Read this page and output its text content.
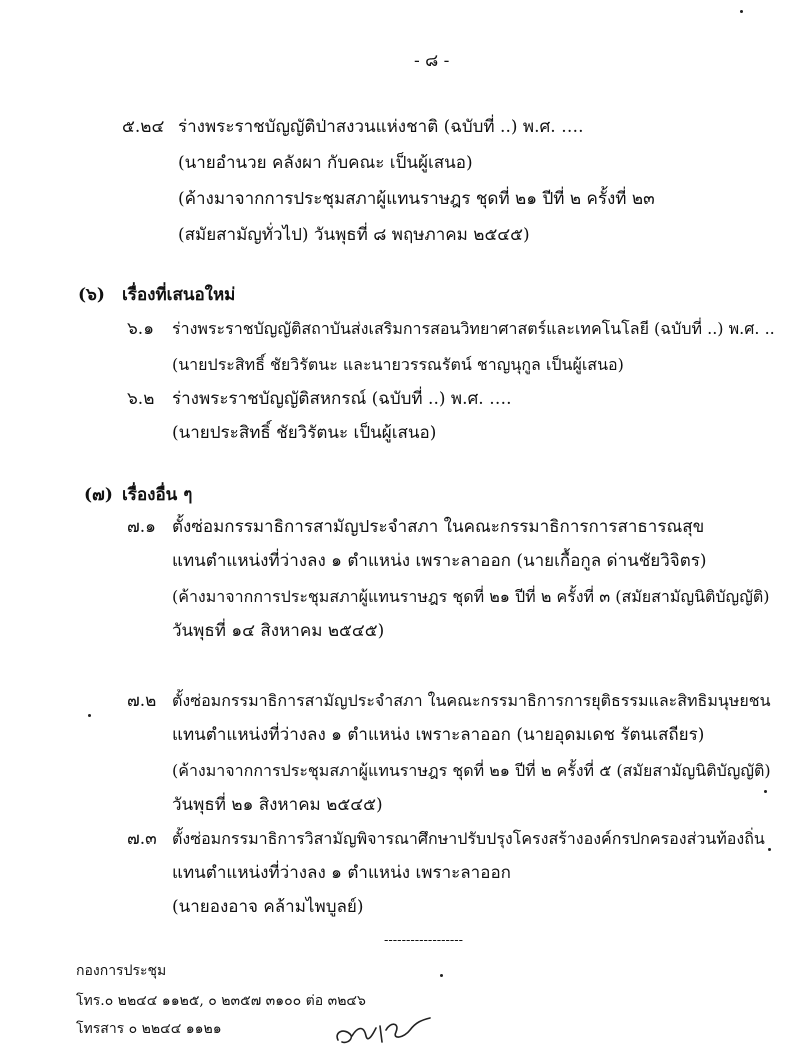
- ๘ -
๕.๒๔ ร่างพระราชบัญญัติป่าสงวนแห่งชาติ (ฉบับที่ ..) พ.ศ. ….
(นายอำนวย คลังผา กับคณะ เป็นผู้เสนอ)
(ค้างมาจากการประชุมสภาผู้แทนราษฎร ชุดที่ ๒๑ ปีที่ ๒ ครั้งที่ ๒๓
(สมัยสามัญทั่วไป) วันพุธที่ ๘ พฤษภาคม ๒๕๔๕)
(๖) เรื่องที่เสนอใหม่
๖.๑ ร่างพระราชบัญญัติสถาบันส่งเสริมการสอนวิทยาศาสตร์และเทคโนโลยี (ฉบับที่ ..) พ.ศ. ..
(นายประสิทธิ์ ชัยวิรัตนะ และนายวรรณรัตน์ ชาญนุกูล เป็นผู้เสนอ)
๖.๒ ร่างพระราชบัญญัติสหกรณ์ (ฉบับที่ ..) พ.ศ. ….
(นายประสิทธิ์ ชัยวิรัตนะ เป็นผู้เสนอ)
(๗) เรื่องอื่น ๆ
๗.๑ ตั้งซ่อมกรรมาธิการสามัญประจำสภา ในคณะกรรมาธิการการสาธารณสุข
แทนตำแหน่งที่ว่างลง ๑ ตำแหน่ง เพราะลาออก (นายเกื้อกูล ด่านชัยวิจิตร)
(ค้างมาจากการประชุมสภาผู้แทนราษฎร ชุดที่ ๒๑ ปีที่ ๒ ครั้งที่ ๓ (สมัยสามัญนิติบัญญัติ)
วันพุธที่ ๑๔ สิงหาคม ๒๕๔๕)
๗.๒ ตั้งซ่อมกรรมาธิการสามัญประจำสภา ในคณะกรรมาธิการการยุติธรรมและสิทธิมนุษยชน
แทนตำแหน่งที่ว่างลง ๑ ตำแหน่ง เพราะลาออก (นายอุดมเดช รัตนเสถียร)
(ค้างมาจากการประชุมสภาผู้แทนราษฎร ชุดที่ ๒๑ ปีที่ ๒ ครั้งที่ ๕ (สมัยสามัญนิติบัญญัติ)
วันพุธที่ ๒๑ สิงหาคม ๒๕๔๕)
๗.๓ ตั้งซ่อมกรรมาธิการวิสามัญพิจารณาศึกษาปรับปรุงโครงสร้างองค์กรปกครองส่วนท้องถิ่น
แทนตำแหน่งที่ว่างลง ๑ ตำแหน่ง เพราะลาออก
(นายองอาจ คล้ามไพบูลย์)
------------------
กองการประชุม
โทร.๐ ๒๒๔๔ ๑๑๒๕, ๐ ๒๓๕๗ ๓๑๐๐ ต่อ ๓๒๔๖
โทรสาร ๐ ๒๒๔๔ ๑๑๒๑
